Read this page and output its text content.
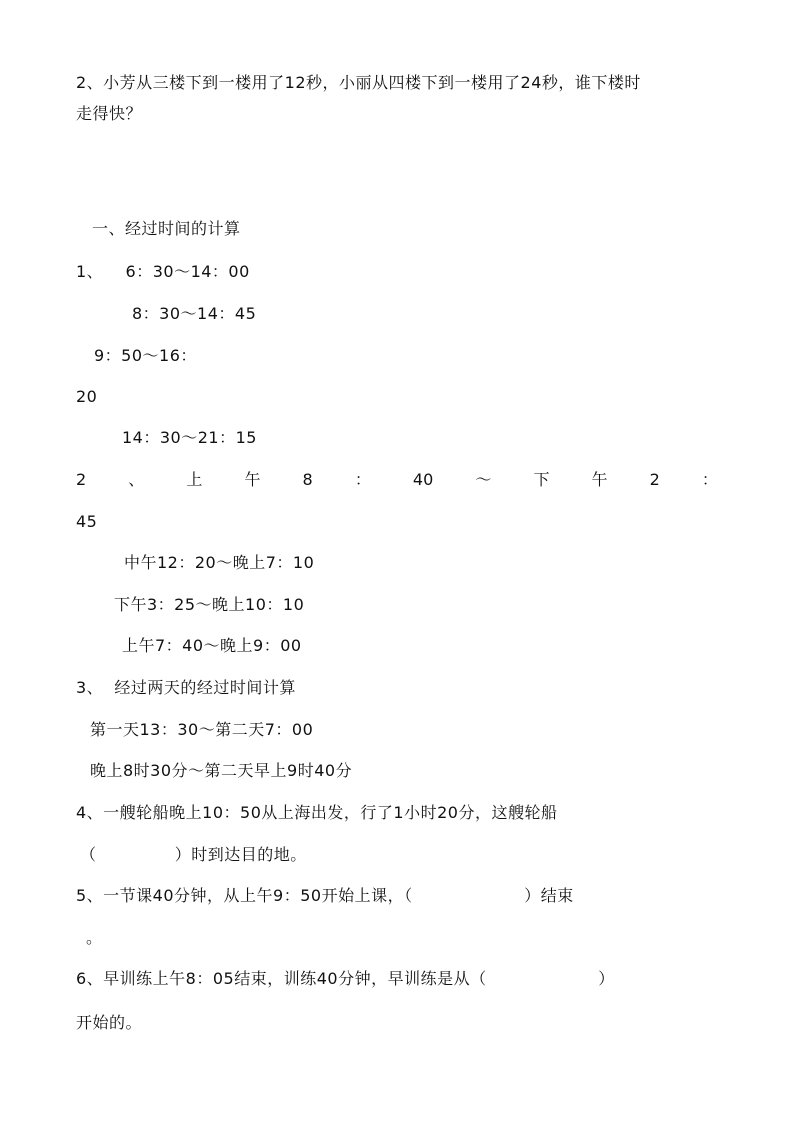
2、小芳从三楼下到一楼用了12秒，小丽从四楼下到一楼用了24秒，谁下楼时
走得快？
一、经过时间的计算
1、    6：30～14：00
8：30～14：45
9：50～16：
20
14：30～21：15
2	、	上	午	8	：	40	～	下	午	2	：
45
中午12：20～晚上7：10
下午3：25～晚上10：10
上午7：40～晚上9：00
3、  经过两天的经过时间计算
第一天13：30～第二天7：00
晚上8时30分～第二天早上9时40分
4、一艘轮船晚上10：50从上海出发，行了1小时20分，这艘轮船
（              ）时到达目的地。
5、一节课40分钟，从上午9：50开始上课，（                    ）结束
。
6、早训练上午8：05结束，训练40分钟，早训练是从（                    ）
开始的。
